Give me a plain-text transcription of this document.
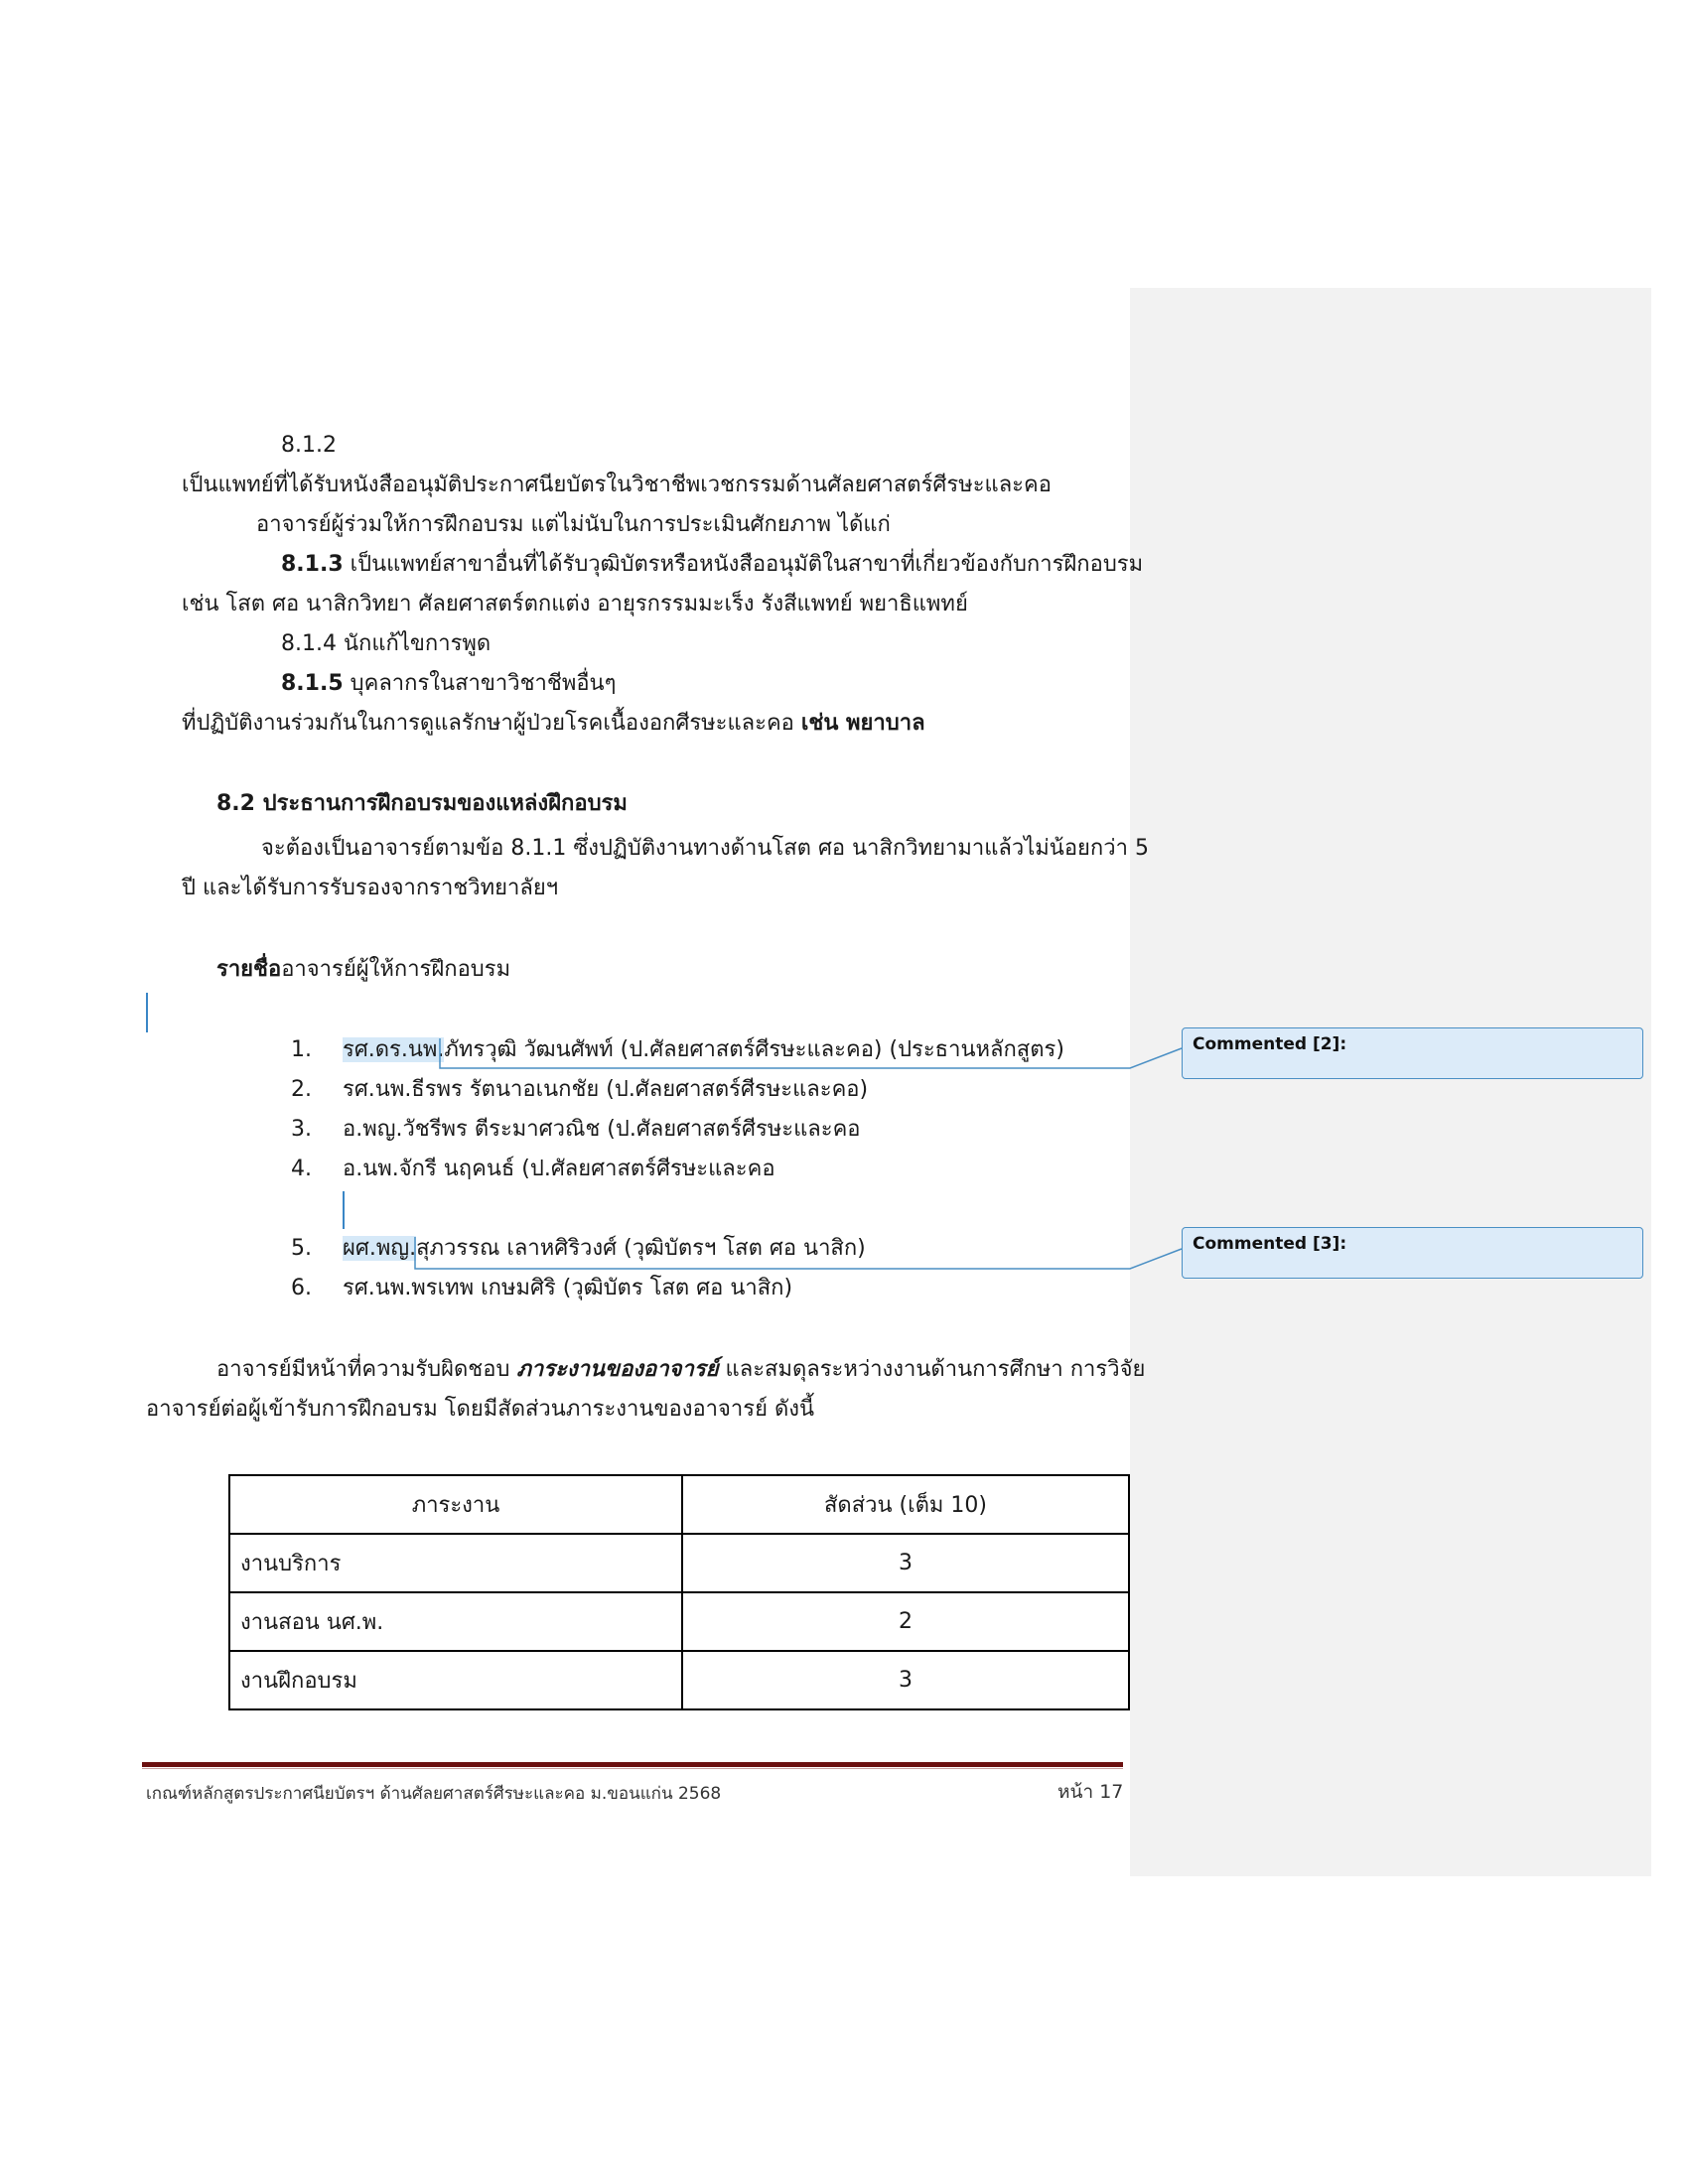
8.1.2
เป็นแพทย์ที่ได้รับหนังสืออนุมัติประกาศนียบัตรในวิชาชีพเวชกรรมด้านศัลยศาสตร์ศีรษะและคอ
อาจารย์ผู้ร่วมให้การฝึกอบรม แต่ไม่นับในการประเมินศักยภาพ ได้แก่
8.1.3 เป็นแพทย์สาขาอื่นที่ได้รับวุฒิบัตรหรือหนังสืออนุมัติในสาขาที่เกี่ยวข้องกับการฝึกอบรม
เช่น โสต ศอ นาสิกวิทยา ศัลยศาสตร์ตกแต่ง อายุรกรรมมะเร็ง รังสีแพทย์ พยาธิแพทย์
8.1.4 นักแก้ไขการพูด
8.1.5 บุคลากรในสาขาวิชาชีพอื่นๆ
ที่ปฏิบัติงานร่วมกันในการดูแลรักษาผู้ป่วยโรคเนื้องอกศีรษะและคอ เช่น พยาบาล
8.2 ประธานการฝึกอบรมของแหล่งฝึกอบรม
จะต้องเป็นอาจารย์ตามข้อ 8.1.1 ซึ่งปฏิบัติงานทางด้านโสต ศอ นาสิกวิทยามาแล้วไม่น้อยกว่า 5
ปี และได้รับการรับรองจากราชวิทยาลัยฯ
รายชื่ออาจารย์ผู้ให้การฝึกอบรม
1. รศ.ดร.นพ.ภัทรวุฒิ วัฒนศัพท์ (ป.ศัลยศาสตร์ศีรษะและคอ) (ประธานหลักสูตร)
2. รศ.นพ.ธีรพร รัตนาอเนกชัย (ป.ศัลยศาสตร์ศีรษะและคอ)
3. อ.พญ.วัชรีพร ตีระมาศวณิช (ป.ศัลยศาสตร์ศีรษะและคอ
4. อ.นพ.จักรี นฤคนธ์ (ป.ศัลยศาสตร์ศีรษะและคอ
5. ผศ.พญ.สุภวรรณ เลาหศิริวงศ์ (วุฒิบัตรฯ โสต ศอ นาสิก)
6. รศ.นพ.พรเทพ เกษมศิริ (วุฒิบัตร โสต ศอ นาสิก)
Commented [2]:
Commented [3]:
อาจารย์มีหน้าที่ความรับผิดชอบ ภาระงานของอาจารย์ และสมดุลระหว่างงานด้านการศึกษา การวิจัย
อาจารย์ต่อผู้เข้ารับการฝึกอบรม โดยมีสัดส่วนภาระงานของอาจารย์ ดังนี้
ภาระงาน	สัดส่วน (เต็ม 10)
งานบริการ	3
งานสอน นศ.พ.	2
งานฝึกอบรม	3
เกณฑ์หลักสูตรประกาศนียบัตรฯ ด้านศัลยศาสตร์ศีรษะและคอ ม.ขอนแก่น 2568	หน้า 17
